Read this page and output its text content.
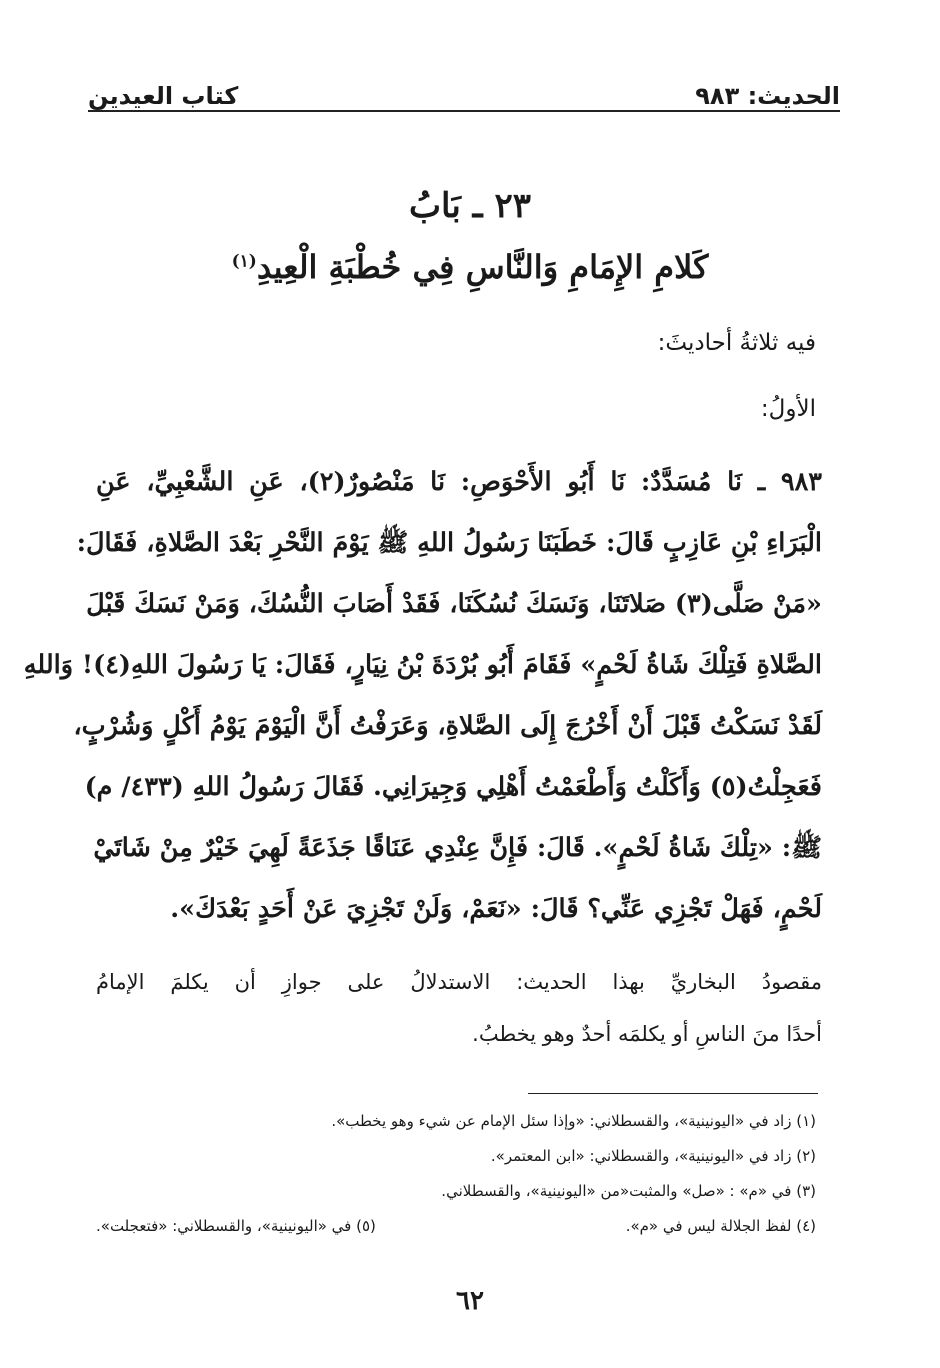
الحديث: ٩٨٣
كتاب العيدين
٢٣ ـ بَابُ
كَلامِ الإِمَامِ وَالنَّاسِ فِي خُطْبَةِ الْعِيدِ$^{(١)}$
فيه ثلاثةُ أحاديثَ:
الأولُ:
٩٨٣ ـ نَا مُسَدَّدٌ: نَا أَبُو الأَحْوَصِ: نَا مَنْصُورٌ(٢)، عَنِ الشَّعْبِيِّ، عَنِ
الْبَرَاءِ بْنِ عَازِبٍ قَالَ: خَطَبَنَا رَسُولُ اللهِ ﷺ يَوْمَ النَّحْرِ بَعْدَ الصَّلاةِ، فَقَالَ:
«مَنْ صَلَّى(٣) صَلاتَنَا، وَنَسَكَ نُسُكَنَا، فَقَدْ أَصَابَ النُّسُكَ، وَمَنْ نَسَكَ قَبْلَ
الصَّلاةِ فَتِلْكَ شَاةُ لَحْمٍ» فَقَامَ أَبُو بُرْدَةَ بْنُ نِيَارٍ، فَقَالَ: يَا رَسُولَ اللهِ(٤)! وَاللهِ
لَقَدْ نَسَكْتُ قَبْلَ أَنْ أَخْرُجَ إِلَى الصَّلاةِ، وَعَرَفْتُ أَنَّ الْيَوْمَ يَوْمُ أَكْلٍ وَشُرْبٍ،
فَعَجِلْتُ(٥) وَأَكَلْتُ وَأَطْعَمْتُ أَهْلِي وَجِيرَانِي. فَقَالَ رَسُولُ اللهِ (٤٣٣/ م)
ﷺ: «تِلْكَ شَاةُ لَحْمٍ». قَالَ: فَإِنَّ عِنْدِي عَنَاقًا جَذَعَةً لَهِيَ خَيْرٌ مِنْ شَاتَيْ
لَحْمٍ، فَهَلْ تَجْزِي عَنِّي؟ قَالَ: «نَعَمْ، وَلَنْ تَجْزِيَ عَنْ أَحَدٍ بَعْدَكَ».
مقصودُ البخاريِّ بهذا الحديث: الاستدلالُ على جوازِ أن يكلمَ الإمامُ
أحدًا منَ الناسِ أو يكلمَه أحدٌ وهو يخطبُ.
(١) زاد في «اليونينية»، والقسطلاني: «وإذا سئل الإمام عن شيء وهو يخطب».
(٢) زاد في «اليونينية»، والقسطلاني: «ابن المعتمر».
(٣) في «م» : «صل» والمثبت«من «اليونينية»، والقسطلاني.
(٤) لفظ الجلالة ليس في «م».
(٥) في «اليونينية»، والقسطلاني: «فتعجلت».
٦٢
